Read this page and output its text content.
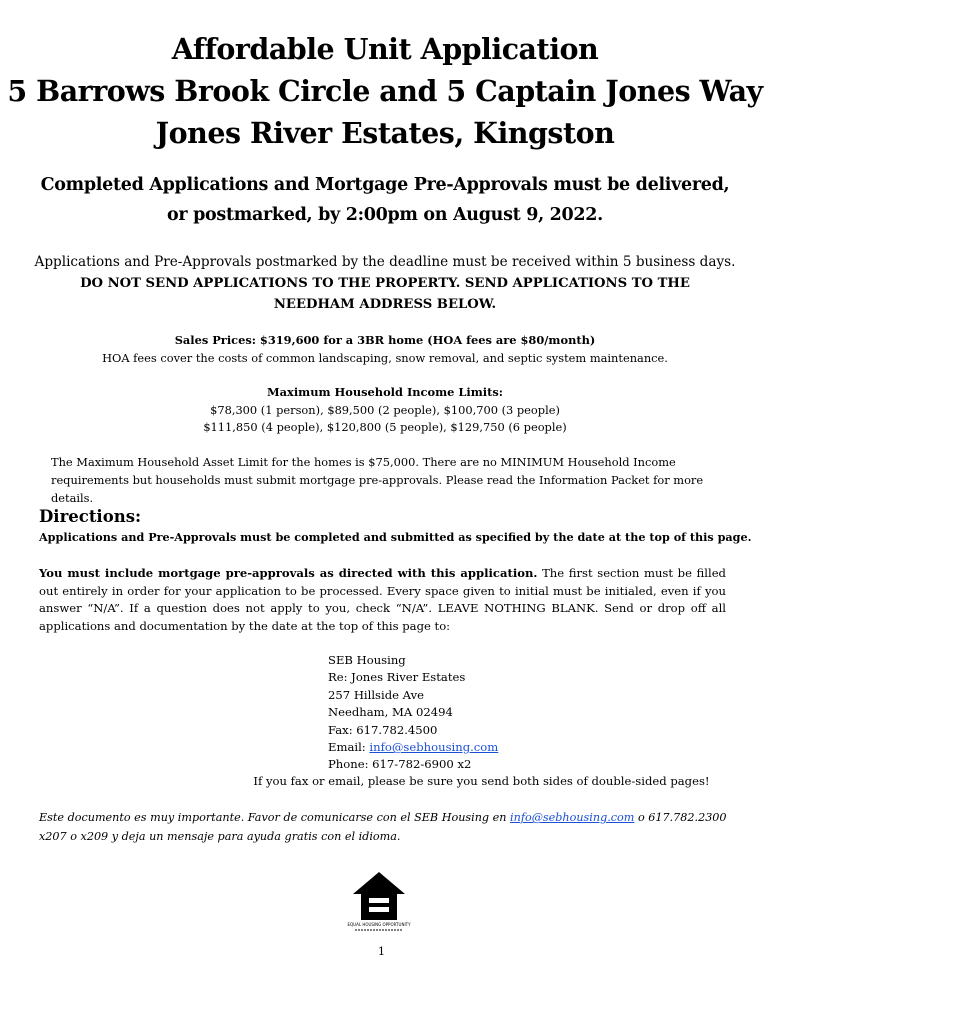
Affordable Unit Application
5 Barrows Brook Circle and 5 Captain Jones Way
Jones River Estates, Kingston
Completed Applications and Mortgage Pre-Approvals must be delivered,
or postmarked, by 2:00pm on August 9, 2022.
Applications and Pre-Approvals postmarked by the deadline must be received within 5 business days.
DO NOT SEND APPLICATIONS TO THE PROPERTY. SEND APPLICATIONS TO THE
NEEDHAM ADDRESS BELOW.
Sales Prices: $319,600 for a 3BR home (HOA fees are $80/month)
HOA fees cover the costs of common landscaping, snow removal, and septic system maintenance.
Maximum Household Income Limits:
$78,300 (1 person), $89,500 (2 people), $100,700 (3 people)
$111,850 (4 people), $120,800 (5 people), $129,750 (6 people)
The Maximum Household Asset Limit for the homes is $75,000. There are no MINIMUM Household Income requirements but households must submit mortgage pre-approvals. Please read the Information Packet for more details.
Directions:
Applications and Pre-Approvals must be completed and submitted as specified by the date at the top of this page.
You must include mortgage pre-approvals as directed with this application. The first section must be filled out entirely in order for your application to be processed. Every space given to initial must be initialed, even if you answer “N/A”. If a question does not apply to you, check “N/A”. LEAVE NOTHING BLANK. Send or drop off all applications and documentation by the date at the top of this page to:
SEB Housing
Re: Jones River Estates
257 Hillside Ave
Needham, MA 02494
Fax: 617.782.4500
Email: info@sebhousing.com
Phone: 617-782-6900 x2
If you fax or email, please be sure you send both sides of double-sided pages!
Este documento es muy importante. Favor de comunicarse con el SEB Housing en info@sebhousing.com o 617.782.2300 x207 o x209 y deja un mensaje para ayuda gratis con el idioma.
EQUAL HOUSING OPPORTUNITY
1
